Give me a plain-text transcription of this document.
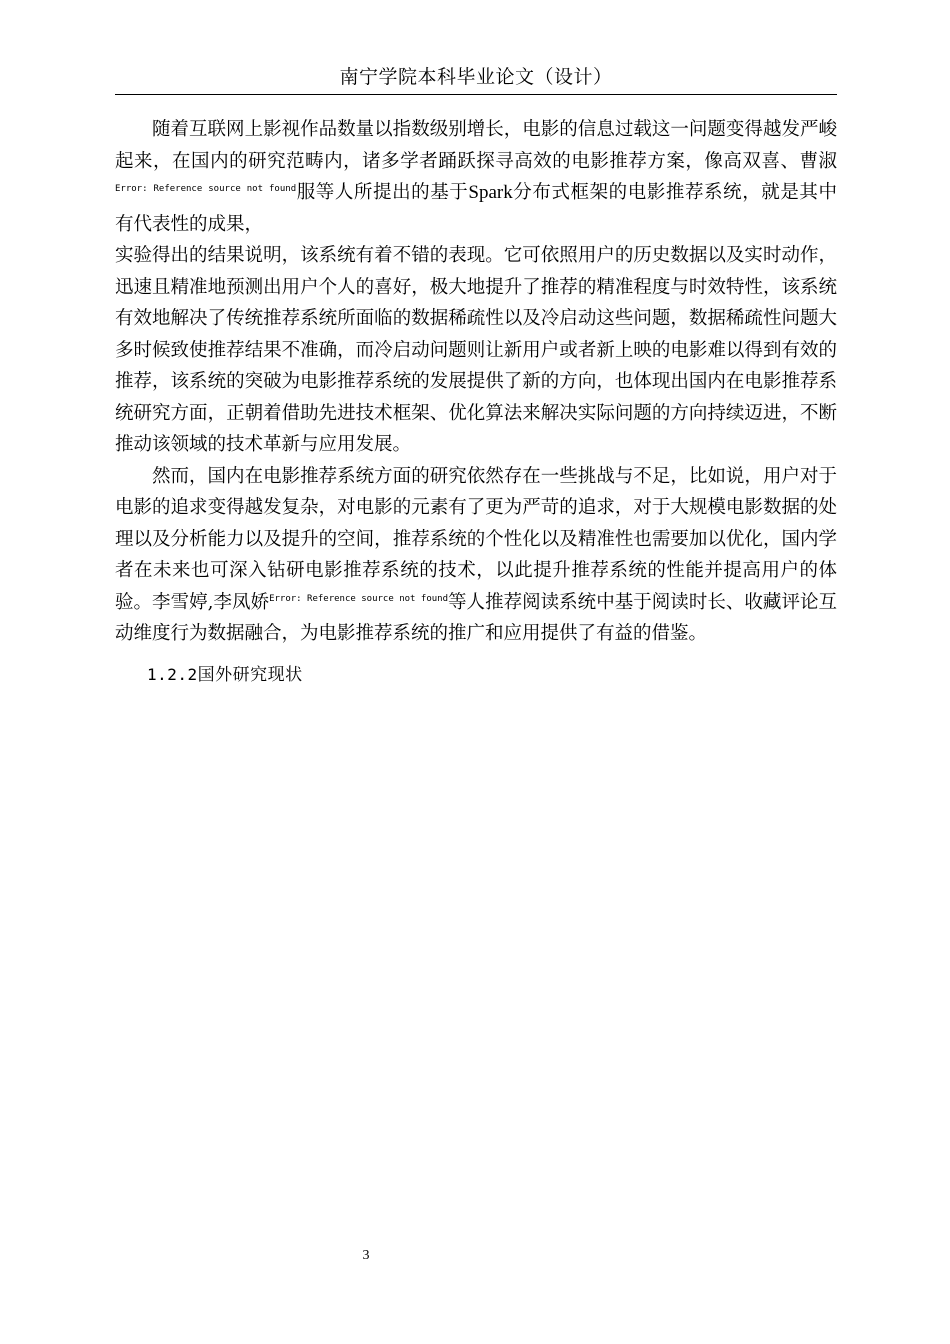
南宁学院本科毕业论文（设计）

随着互联网上影视作品数量以指数级别增长，电影的信息过载这一问题变得越发严峻起来，在国内的研究范畴内，诸多学者踊跃探寻高效的电影推荐方案，像高双喜、曹淑$^{Error: Reference source not found}$服等人所提出的基于Spark分布式框架的电影推荐系统，就是其中有代表性的成果，

实验得出的结果说明，该系统有着不错的表现。它可依照用户的历史数据以及实时动作，迅速且精准地预测出用户个人的喜好，极大地提升了推荐的精准程度与时效特性，该系统有效地解决了传统推荐系统所面临的数据稀疏性以及冷启动这些问题，数据稀疏性问题大多时候致使推荐结果不准确，而冷启动问题则让新用户或者新上映的电影难以得到有效的推荐，该系统的突破为电影推荐系统的发展提供了新的方向，也体现出国内在电影推荐系统研究方面，正朝着借助先进技术框架、优化算法来解决实际问题的方向持续迈进，不断推动该领域的技术革新与应用发展。

然而，国内在电影推荐系统方面的研究依然存在一些挑战与不足，比如说，用户对于电影的追求变得越发复杂，对电影的元素有了更为严苛的追求，对于大规模电影数据的处理以及分析能力以及提升的空间，推荐系统的个性化以及精准性也需要加以优化，国内学者在未来也可深入钻研电影推荐系统的技术，以此提升推荐系统的性能并提高用户的体验。李雪婷,李凤娇$^{Error: Reference source not found}$等人推荐阅读系统中基于阅读时长、收藏评论互动维度行为数据融合，为电影推荐系统的推广和应用提供了有益的借鉴。

1.2.2国外研究现状

3
